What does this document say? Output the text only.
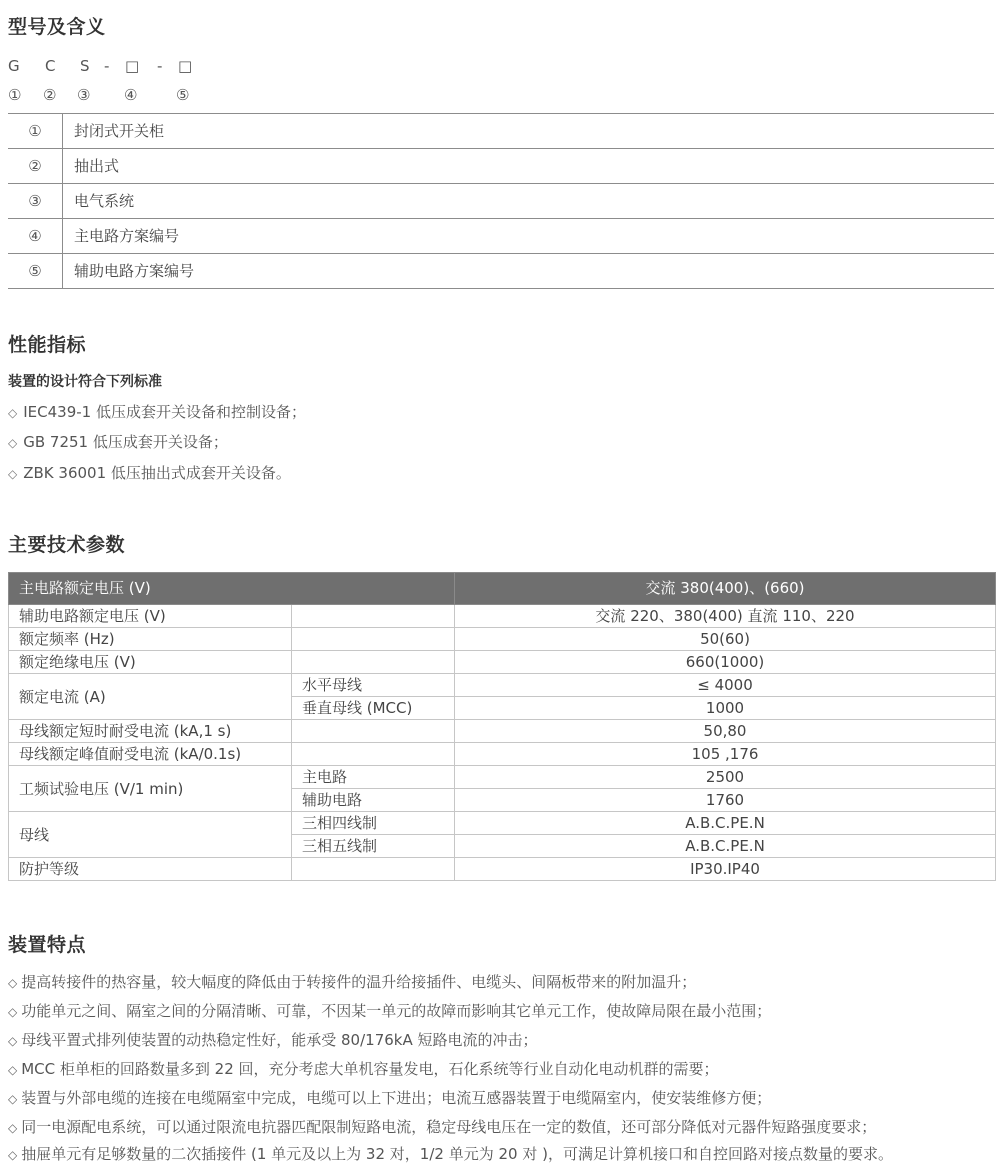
型号及含义
G C S - □ - □
① ② ③ ④	⑤
①	封闭式开关柜
②	抽出式
③	电气系统
④	主电路方案编号
⑤	辅助电路方案编号
性能指标
装置的设计符合下列标准
◇ IEC439-1 低压成套开关设备和控制设备；
◇ GB 7251 低压成套开关设备；
◇ ZBK 36001 低压抽出式成套开关设备。
主要技术参数
主电路额定电压 (V)		交流 380(400)、(660)
辅助电路额定电压 (V)		交流 220、380(400) 直流 110、220
额定频率 (Hz)		50(60)
额定绝缘电压 (V)		660(1000)
额定电流 (A)	水平母线	≤ 4000
	垂直母线 (MCC)	1000
母线额定短时耐受电流 (kA,1 s)		50,80
母线额定峰值耐受电流 (kA/0.1s)		105 ,176
工频试验电压 (V/1 min)	主电路	2500
	辅助电路	1760
母线	三相四线制	A.B.C.PE.N
	三相五线制	A.B.C.PE.N
防护等级		IP30.IP40
装置特点
◇ 提高转接件的热容量，较大幅度的降低由于转接件的温升给接插件、电缆头、间隔板带来的附加温升；
◇ 功能单元之间、隔室之间的分隔清晰、可靠，不因某一单元的故障而影响其它单元工作，使故障局限在最小范围；
◇ 母线平置式排列使装置的动热稳定性好，能承受 80/176kA 短路电流的冲击；
◇ MCC 柜单柜的回路数量多到 22 回，充分考虑大单机容量发电，石化系统等行业自动化电动机群的需要；
◇ 装置与外部电缆的连接在电缆隔室中完成，电缆可以上下进出；电流互感器装置于电缆隔室内，使安装维修方便；
◇ 同一电源配电系统，可以通过限流电抗器匹配限制短路电流，稳定母线电压在一定的数值，还可部分降低对元器件短路强度要求；
◇ 抽屉单元有足够数量的二次插接件 (1 单元及以上为 32 对，1/2 单元为 20 对 )，可满足计算机接口和自控回路对接点数量的要求。
